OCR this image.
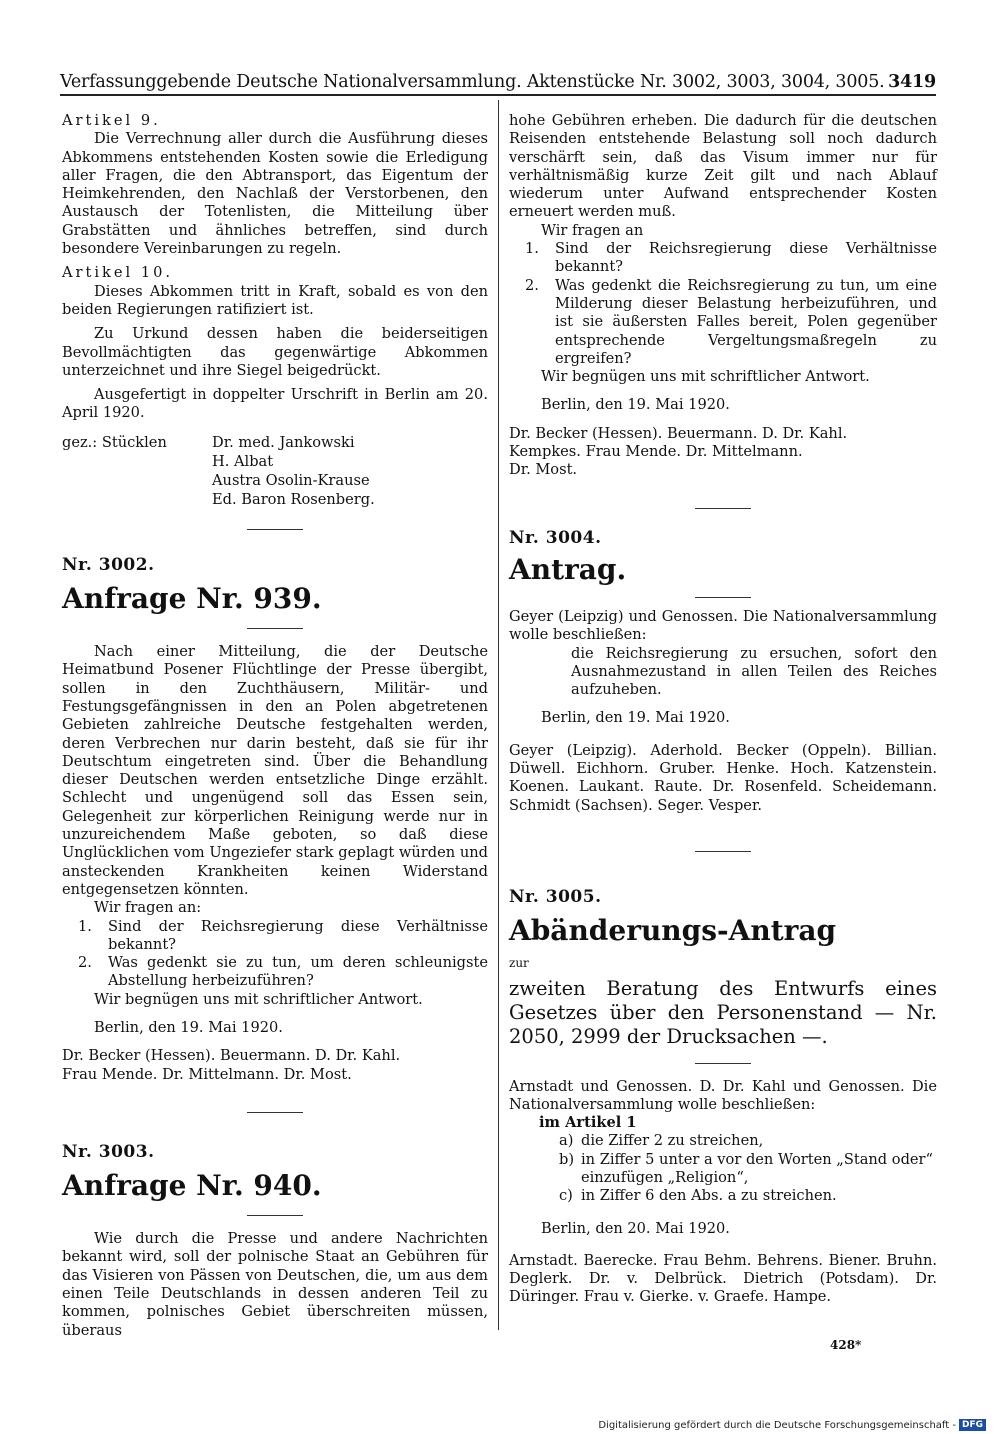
Verfassunggebende Deutsche Nationalversammlung. Aktenstücke Nr. 3002, 3003, 3004, 3005. 3419

Artikel 9.

Die Verrechnung aller durch die Ausführung dieses Abkommens entstehenden Kosten sowie die Erledigung aller Fragen, die den Abtransport, das Eigentum der Heimkehrenden, den Nachlaß der Verstorbenen, den Austausch der Totenlisten, die Mitteilung über Grabstätten und ähnliches betreffen, sind durch besondere Vereinbarungen zu regeln.

Artikel 10.

Dieses Abkommen tritt in Kraft, sobald es von den beiden Regierungen ratifiziert ist.

Zu Urkund dessen haben die beiderseitigen Bevollmächtigten das gegenwärtige Abkommen unterzeichnet und ihre Siegel beigedrückt.

Ausgefertigt in doppelter Urschrift in Berlin am 20. April 1920.

gez.: Stücklen	Dr. med. Jankowski
H. Albat
Austra Osolin-Krause
Ed. Baron Rosenberg.

Nr. 3002.

Anfrage Nr. 939.

Nach einer Mitteilung, die der Deutsche Heimatbund Posener Flüchtlinge der Presse übergibt, sollen in den Zuchthäusern, Militär- und Festungsgefängnissen in den an Polen abgetretenen Gebieten zahlreiche Deutsche festgehalten werden, deren Verbrechen nur darin besteht, daß sie für ihr Deutschtum eingetreten sind. Über die Behandlung dieser Deutschen werden entsetzliche Dinge erzählt. Schlecht und ungenügend soll das Essen sein, Gelegenheit zur körperlichen Reinigung werde nur in unzureichendem Maße geboten, so daß diese Unglücklichen vom Ungeziefer stark geplagt würden und ansteckenden Krankheiten keinen Widerstand entgegensetzen könnten.

Wir fragen an:

1.	Sind der Reichsregierung diese Verhältnisse bekannt?
2.	Was gedenkt sie zu tun, um deren schleunigste Abstellung herbeizuführen?

Wir begnügen uns mit schriftlicher Antwort.

Berlin, den 19. Mai 1920.

Dr. Becker (Hessen). Beuermann. D. Dr. Kahl.

Frau Mende. Dr. Mittelmann. Dr. Most.

Nr. 3003.

Anfrage Nr. 940.

Wie durch die Presse und andere Nachrichten bekannt wird, soll der polnische Staat an Gebühren für das Visieren von Pässen von Deutschen, die, um aus dem einen Teile Deutschlands in dessen anderen Teil zu kommen, polnisches Gebiet überschreiten müssen, überaus

hohe Gebühren erheben. Die dadurch für die deutschen Reisenden entstehende Belastung soll noch dadurch verschärft sein, daß das Visum immer nur für verhältnismäßig kurze Zeit gilt und nach Ablauf wiederum unter Aufwand entsprechender Kosten erneuert werden muß.

Wir fragen an

1.	Sind der Reichsregierung diese Verhältnisse bekannt?
2.	Was gedenkt die Reichsregierung zu tun, um eine Milderung dieser Belastung herbeizuführen, und ist sie äußersten Falles bereit, Polen gegenüber entsprechende Vergeltungsmaßregeln zu ergreifen?

Wir begnügen uns mit schriftlicher Antwort.

Berlin, den 19. Mai 1920.

Dr. Becker (Hessen). Beuermann. D. Dr. Kahl.

Kempkes. Frau Mende. Dr. Mittelmann.

Dr. Most.

Nr. 3004.

Antrag.

Geyer (Leipzig) und Genossen. Die Nationalversammlung wolle beschließen:

die Reichsregierung zu ersuchen, sofort den Ausnahmezustand in allen Teilen des Reiches aufzuheben.

Berlin, den 19. Mai 1920.

Geyer (Leipzig). Aderhold. Becker (Oppeln). Billian. Düwell. Eichhorn. Gruber. Henke. Hoch. Katzenstein. Koenen. Laukant. Raute. Dr. Rosenfeld. Scheidemann. Schmidt (Sachsen). Seger. Vesper.

Nr. 3005.

Abänderungs-Antrag

zur

zweiten Beratung des Entwurfs eines Gesetzes über den Personenstand — Nr. 2050, 2999 der Drucksachen —.

Arnstadt und Genossen. D. Dr. Kahl und Genossen. Die Nationalversammlung wolle beschließen:

im Artikel 1

a) die Ziffer 2 zu streichen,
b) in Ziffer 5 unter a vor den Worten „Stand oder“ einzufügen „Religion“,
c) in Ziffer 6 den Abs. a zu streichen.

Berlin, den 20. Mai 1920.

Arnstadt. Baerecke. Frau Behm. Behrens. Biener. Bruhn. Deglerk. Dr. v. Delbrück. Dietrich (Potsdam). Dr. Düringer. Frau v. Gierke. v. Graefe. Hampe.

428*
Digitalisierung gefördert durch die Deutsche Forschungsgemeinschaft - DFG
